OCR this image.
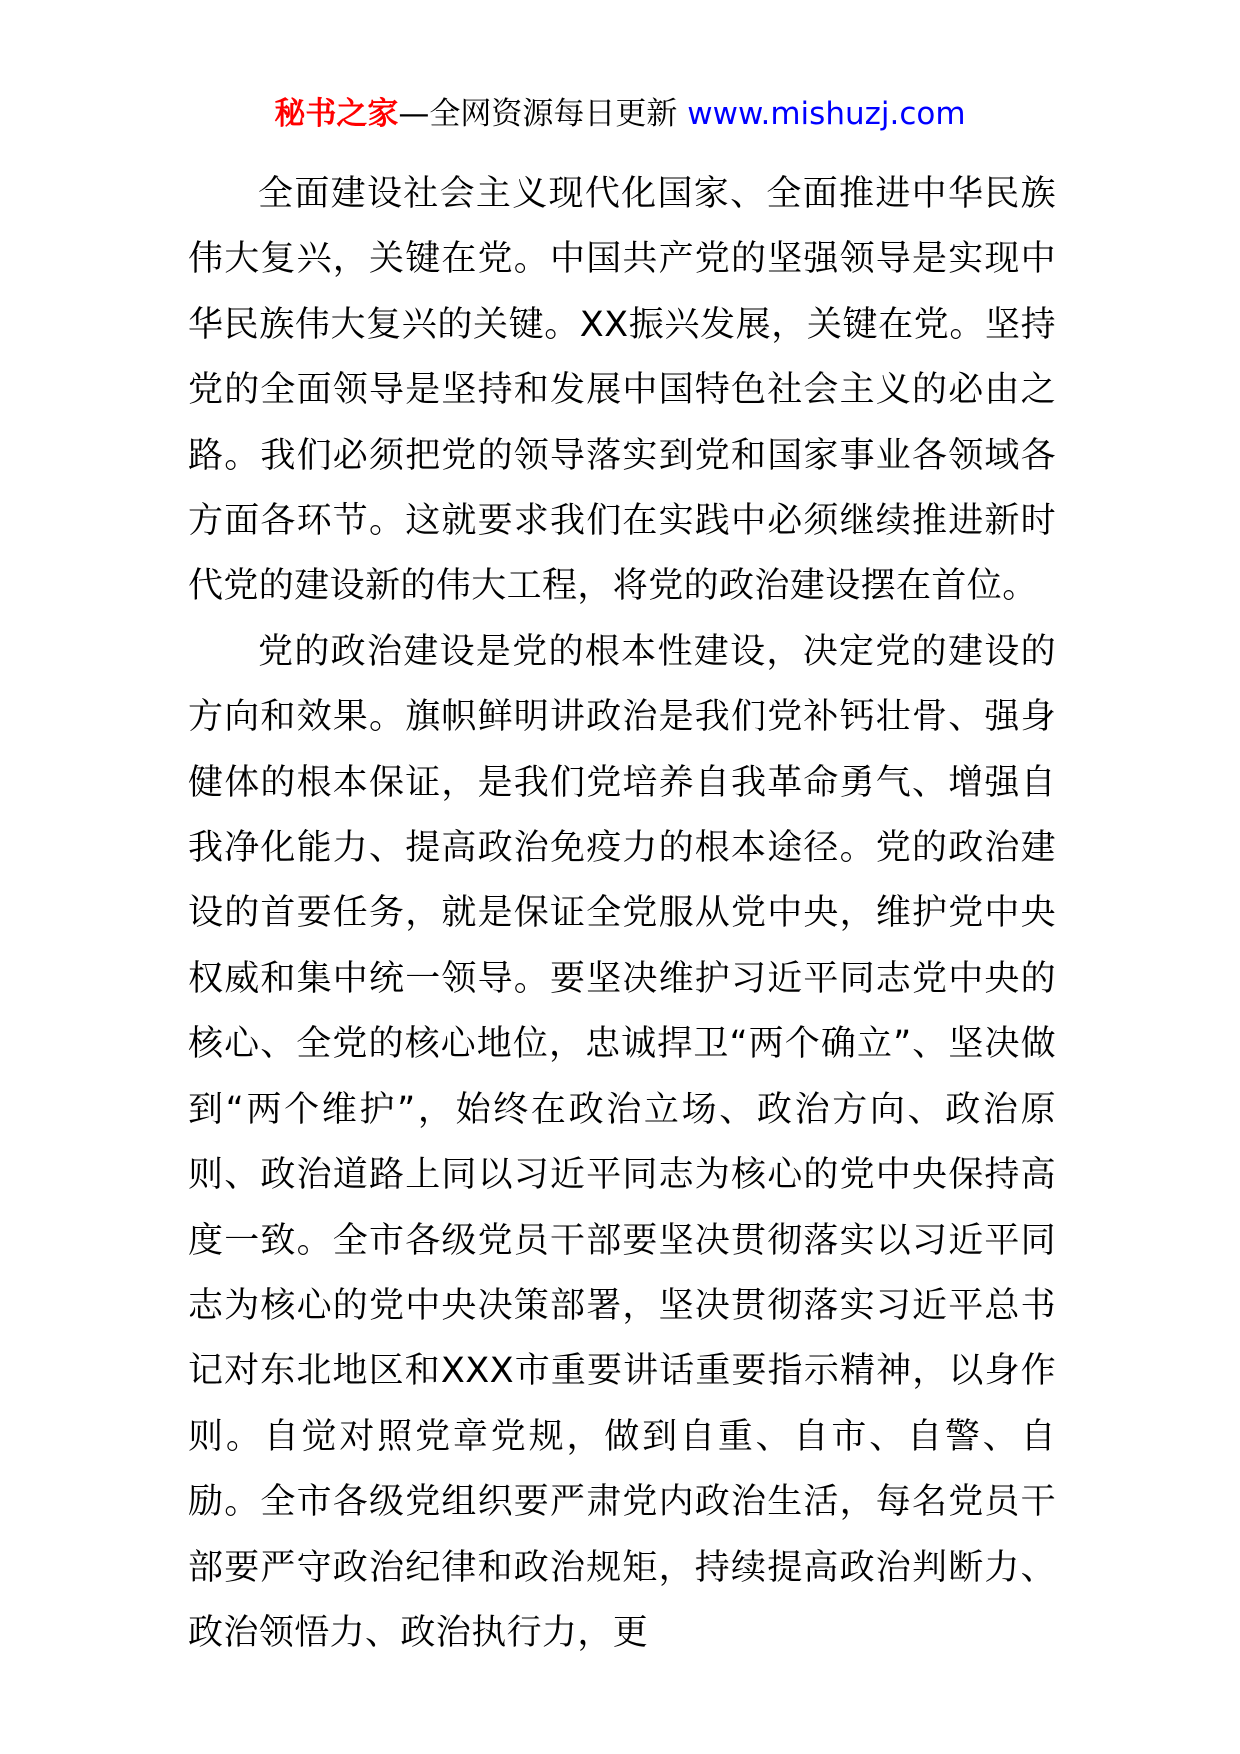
秘书之家—全网资源每日更新 www.mishuzj.com

全面建设社会主义现代化国家、全面推进中华民族伟大复兴，关键在党。中国共产党的坚强领导是实现中华民族伟大复兴的关键。XX振兴发展，关键在党。坚持党的全面领导是坚持和发展中国特色社会主义的必由之路。我们必须把党的领导落实到党和国家事业各领域各方面各环节。这就要求我们在实践中必须继续推进新时代党的建设新的伟大工程，将党的政治建设摆在首位。

党的政治建设是党的根本性建设，决定党的建设的方向和效果。旗帜鲜明讲政治是我们党补钙壮骨、强身健体的根本保证，是我们党培养自我革命勇气、增强自我净化能力、提高政治免疫力的根本途径。党的政治建设的首要任务，就是保证全党服从党中央，维护党中央权威和集中统一领导。要坚决维护习近平同志党中央的核心、全党的核心地位，忠诚捍卫“两个确立”、坚决做到“两个维护”，始终在政治立场、政治方向、政治原则、政治道路上同以习近平同志为核心的党中央保持高度一致。全市各级党员干部要坚决贯彻落实以习近平同志为核心的党中央决策部署，坚决贯彻落实习近平总书记对东北地区和XXX市重要讲话重要指示精神，以身作则。自觉对照党章党规，做到自重、自市、自警、自励。全市各级党组织要严肃党内政治生活，每名党员干部要严守政治纪律和政治规矩，持续提高政治判断力、政治领悟力、政治执行力，更
